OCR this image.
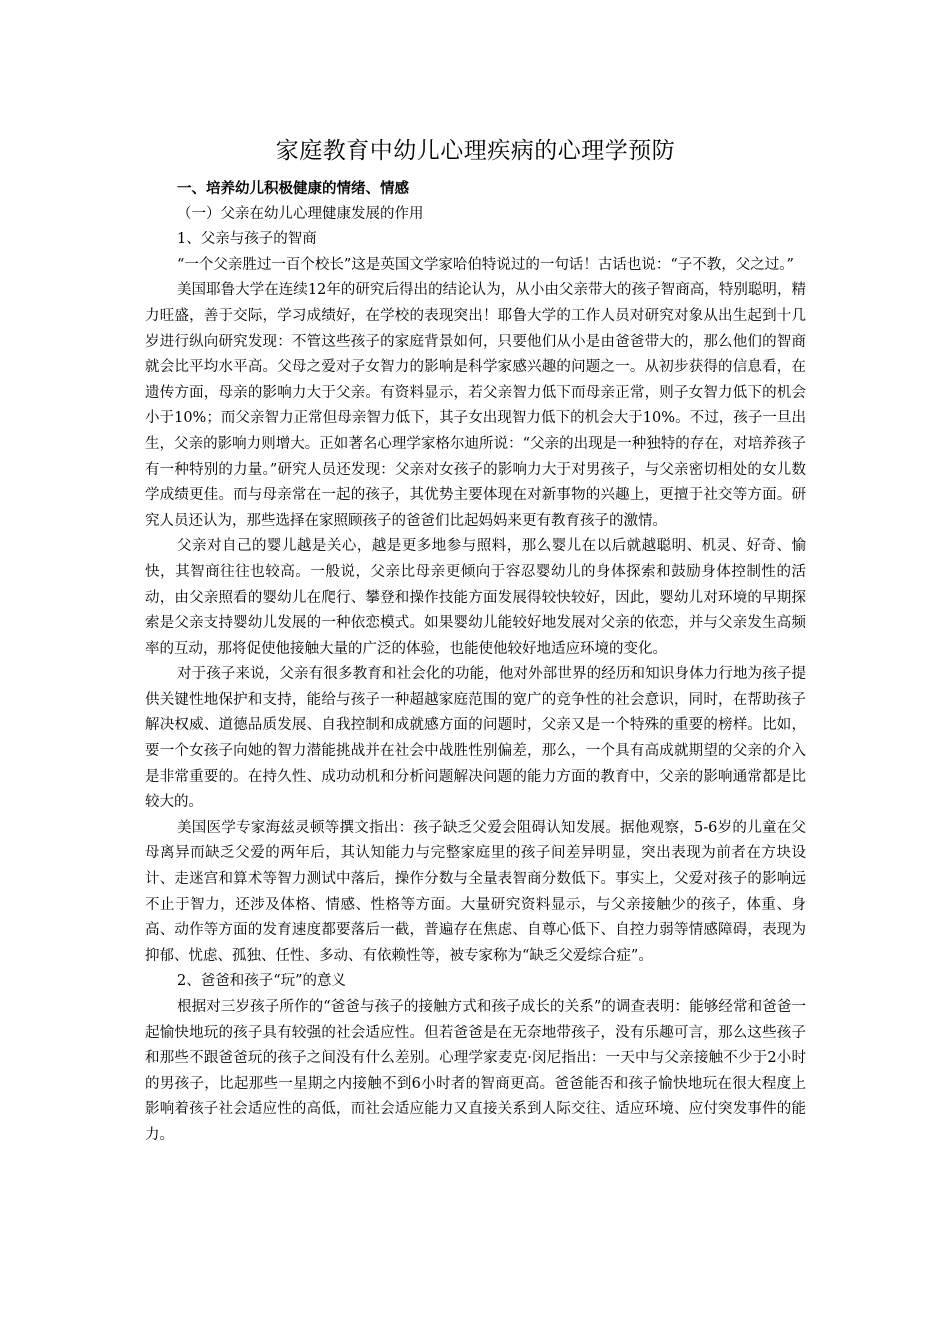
家庭教育中幼儿心理疾病的心理学预防

一、培养幼儿积极健康的情绪、情感

（一）父亲在幼儿心理健康发展的作用

1、父亲与孩子的智商

“一个父亲胜过一百个校长”这是英国文学家哈伯特说过的一句话！古话也说：“子不教，父之过。”

美国耶鲁大学在连续12年的研究后得出的结论认为，从小由父亲带大的孩子智商高，特别聪明，精力旺盛，善于交际，学习成绩好，在学校的表现突出！耶鲁大学的工作人员对研究对象从出生起到十几岁进行纵向研究发现：不管这些孩子的家庭背景如何，只要他们从小是由爸爸带大的，那么他们的智商就会比平均水平高。父母之爱对子女智力的影响是科学家感兴趣的问题之一。从初步获得的信息看，在遗传方面，母亲的影响力大于父亲。有资料显示，若父亲智力低下而母亲正常，则子女智力低下的机会小于10%；而父亲智力正常但母亲智力低下，其子女出现智力低下的机会大于10%。不过，孩子一旦出生，父亲的影响力则增大。正如著名心理学家格尔迪所说：“父亲的出现是一种独特的存在，对培养孩子有一种特别的力量。”研究人员还发现：父亲对女孩子的影响力大于对男孩子，与父亲密切相处的女儿数学成绩更佳。而与母亲常在一起的孩子，其优势主要体现在对新事物的兴趣上，更擅于社交等方面。研究人员还认为，那些选择在家照顾孩子的爸爸们比起妈妈来更有教育孩子的激情。

父亲对自己的婴儿越是关心，越是更多地参与照料，那么婴儿在以后就越聪明、机灵、好奇、愉快，其智商往往也较高。一般说，父亲比母亲更倾向于容忍婴幼儿的身体探索和鼓励身体控制性的活动，由父亲照看的婴幼儿在爬行、攀登和操作技能方面发展得较快较好，因此，婴幼儿对环境的早期探索是父亲支持婴幼儿发展的一种依恋模式。如果婴幼儿能较好地发展对父亲的依恋，并与父亲发生高频率的互动，那将促使他接触大量的广泛的体验，也能使他较好地适应环境的变化。

对于孩子来说，父亲有很多教育和社会化的功能，他对外部世界的经历和知识身体力行地为孩子提供关键性地保护和支持，能给与孩子一种超越家庭范围的宽广的竞争性的社会意识，同时，在帮助孩子解决权威、道德品质发展、自我控制和成就感方面的问题时，父亲又是一个特殊的重要的榜样。比如，要一个女孩子向她的智力潜能挑战并在社会中战胜性别偏差，那么，一个具有高成就期望的父亲的介入是非常重要的。在持久性、成功动机和分析问题解决问题的能力方面的教育中，父亲的影响通常都是比较大的。

美国医学专家海兹灵顿等撰文指出：孩子缺乏父爱会阻碍认知发展。据他观察，5-6岁的儿童在父母离异而缺乏父爱的两年后，其认知能力与完整家庭里的孩子间差异明显，突出表现为前者在方块设计、走迷宫和算术等智力测试中落后，操作分数与全量表智商分数低下。事实上，父爱对孩子的影响远不止于智力，还涉及体格、情感、性格等方面。大量研究资料显示，与父亲接触少的孩子，体重、身高、动作等方面的发育速度都要落后一截，普遍存在焦虑、自尊心低下、自控力弱等情感障碍，表现为抑郁、忧虑、孤独、任性、多动、有依赖性等，被专家称为“缺乏父爱综合症”。

2、爸爸和孩子“玩”的意义

根据对三岁孩子所作的“爸爸与孩子的接触方式和孩子成长的关系”的调查表明：能够经常和爸爸一起愉快地玩的孩子具有较强的社会适应性。但若爸爸是在无奈地带孩子，没有乐趣可言，那么这些孩子和那些不跟爸爸玩的孩子之间没有什么差别。心理学家麦克·闵尼指出：一天中与父亲接触不少于2小时的男孩子，比起那些一星期之内接触不到6小时者的智商更高。爸爸能否和孩子愉快地玩在很大程度上影响着孩子社会适应性的高低，而社会适应能力又直接关系到人际交往、适应环境、应付突发事件的能力。
